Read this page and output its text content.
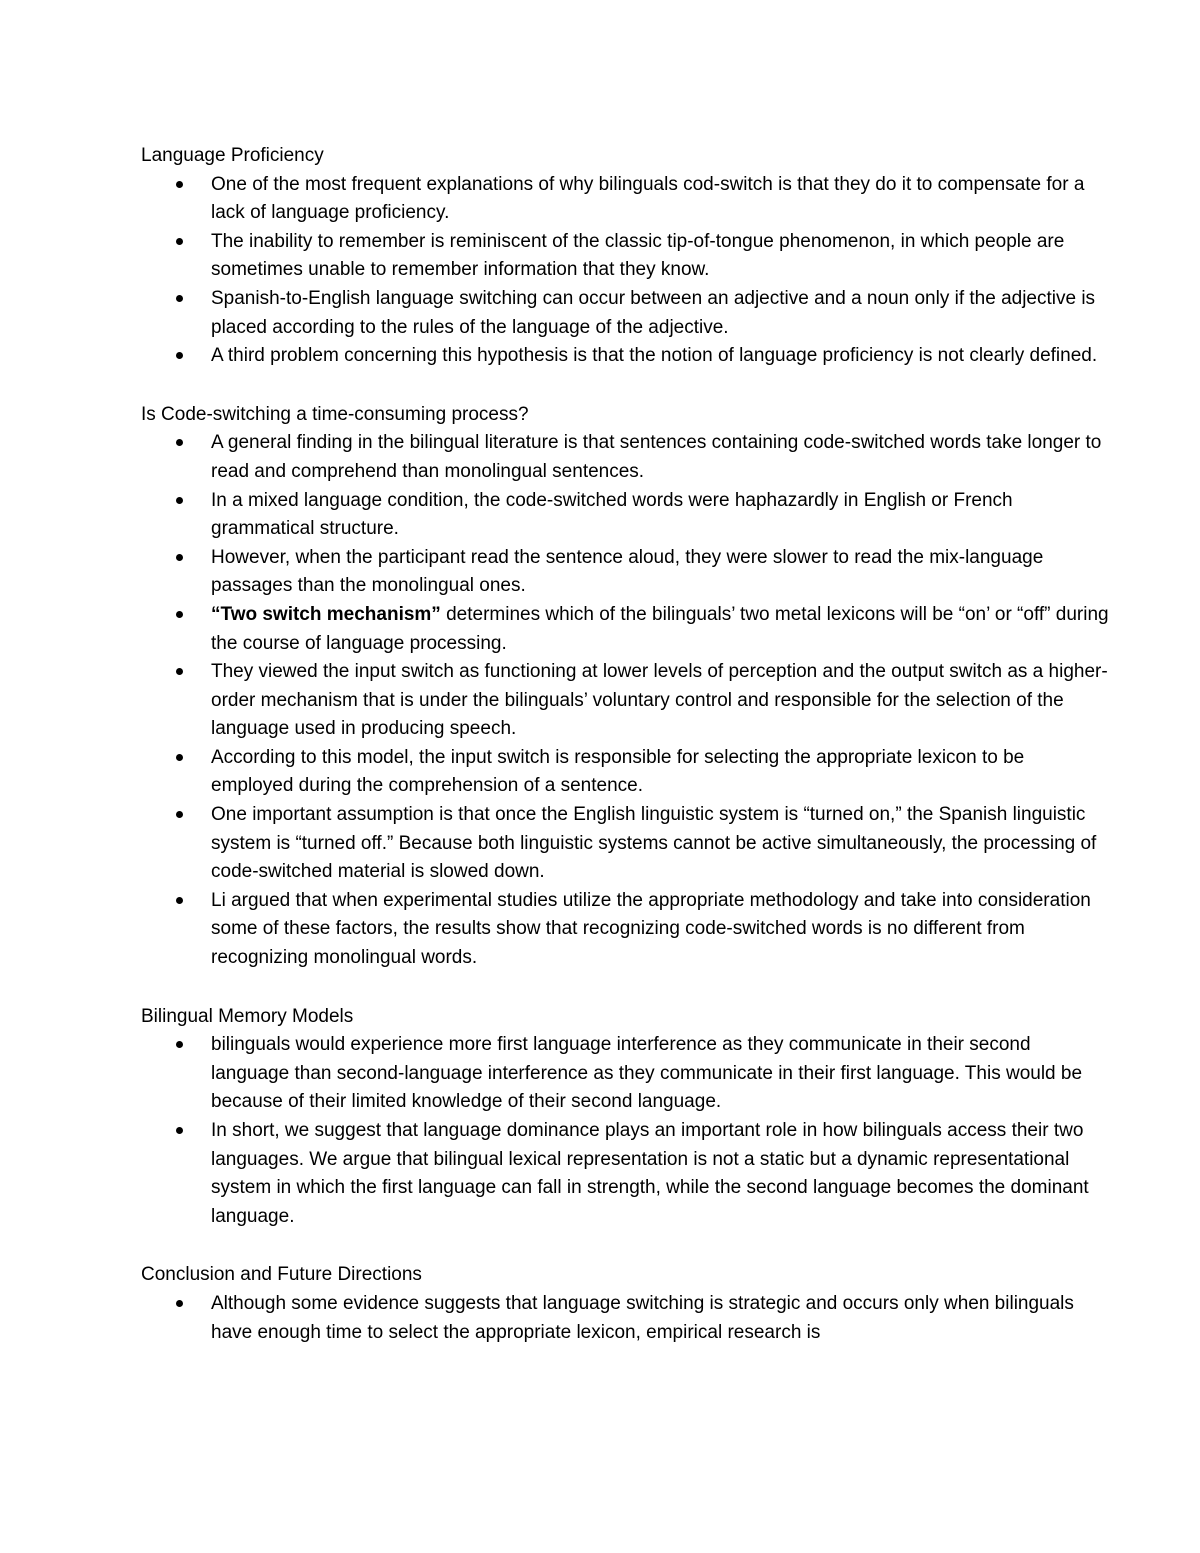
Language Proficiency

One of the most frequent explanations of why bilinguals cod-switch is that they do it to compensate for a lack of language proficiency.
The inability to remember is reminiscent of the classic tip-of-tongue phenomenon, in which people are sometimes unable to remember information that they know.
Spanish-to-English language switching can occur between an adjective and a noun only if the adjective is placed according to the rules of the language of the adjective.
A third problem concerning this hypothesis is that the notion of language proficiency is not clearly defined.

Is Code-switching a time-consuming process?

A general finding in the bilingual literature is that sentences containing code-switched words take longer to read and comprehend than monolingual sentences.
In a mixed language condition, the code-switched words were haphazardly in English or French grammatical structure.
However, when the participant read the sentence aloud, they were slower to read the mix-language passages than the monolingual ones.
“Two switch mechanism” determines which of the bilinguals’ two metal lexicons will be “on’ or “off” during the course of language processing.
They viewed the input switch as functioning at lower levels of perception and the output switch as a higher-order mechanism that is under the bilinguals’ voluntary control and responsible for the selection of the language used in producing speech.
According to this model, the input switch is responsible for selecting the appropriate lexicon to be employed during the comprehension of a sentence.
One important assumption is that once the English linguistic system is “turned on,” the Spanish linguistic system is “turned off.” Because both linguistic systems cannot be active simultaneously, the processing of code-switched material is slowed down.
Li argued that when experimental studies utilize the appropriate methodology and take into consideration some of these factors, the results show that recognizing code-switched words is no different from recognizing monolingual words.

Bilingual Memory Models

bilinguals would experience more first language interference as they communicate in their second language than second-language interference as they communicate in their first language. This would be because of their limited knowledge of their second language.
In short, we suggest that language dominance plays an important role in how bilinguals access their two languages. We argue that bilingual lexical representation is not a static but a dynamic representational system in which the first language can fall in strength, while the second language becomes the dominant language.

Conclusion and Future Directions

Although some evidence suggests that language switching is strategic and occurs only when bilinguals have enough time to select the appropriate lexicon, empirical research is
